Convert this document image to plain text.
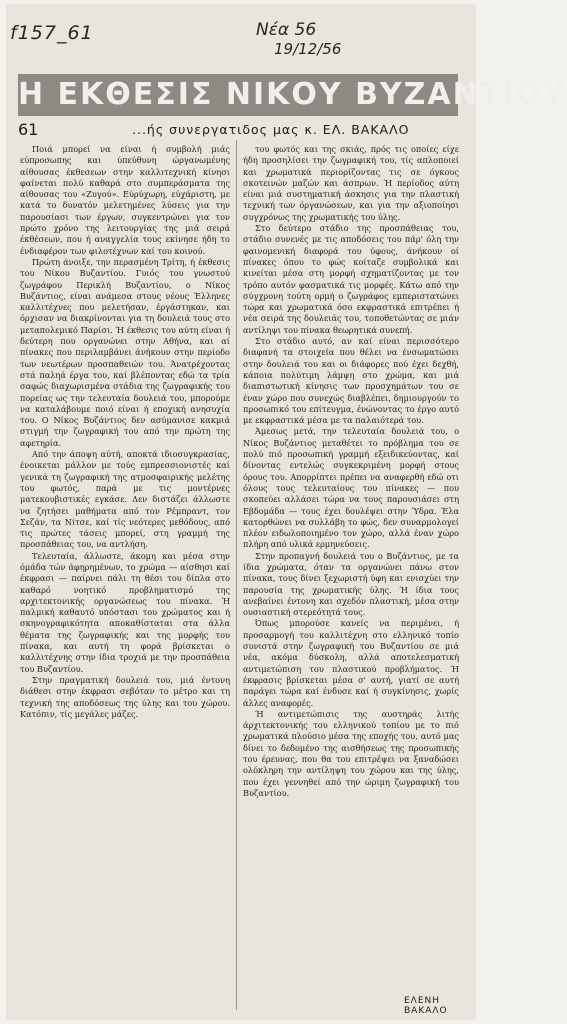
f157_61	Νέα 56
19/12/56
Η ΕΚΘΕΣΙΣ ΝΙΚΟΥ ΒΥΖΑΝΤΙΟΥ
61	...ής συνεργατιδος μας κ. ΕΛ. ΒΑΚΑΛΟ

Ποιά μπορεί να είναι ή συμβολή μιάς εύπροσωπης και ύπεύθυνη ώργανωμένης αίθουσας έκθεσεων στην καλλιτεχνική κίνησι φαίνεται πολύ καθαρά στο συμπεράσματα της αίθουσας του «Ζυγού». Εύρύχωρη, εύχάριστη, με κατά το δυνατόν μελετημένες λύσεις για την παρουσίασι των έργων, συγκεντρώνει για τον πρώτο χρόνο της λειτουργίας της μιά σειρά έκθέσεων, που ή αναγγελία τους εκίνησε ήδη το ένδιαφέρον των φιλοτέχνων καί του κοινού.

Πρώτη άνοιξε, την περασμένη Τρίτη, ή έκθεσις του Νίκου Βυζαντίου. Γυιός του γνωστού ζωγράφου Περικλή Βυζαντίου, ο Νίκος Βυζάντιος, είναι ανάμεσα στους νέους Έλληνες καλλιτέχνες που μελετήσαν, έργάστηκαν, και όρχισαν να διακρίνονται για τη δουλειά τους στο μεταπολεμικό Παρίσι. Ή έκθεσις του αύτη είναι ή δεύτερη που οργανώνει στην Αθήνα, και αί πίνακες που περιλαμβάνει άνήκουν στην περίοδο των νεωτέρων προσπαθειών του. Άνατρέχοντας στά παληά έργα του, καί βλέποντας εδώ τα τρία σαφώς διαχωρισμένα στάδια της ζωγραφικής του πορείας ως την τελευταία δουλειά του, μπορούμε να καταλάβουμε ποιό είναι ή εποχική ανησυχία του. Ο Νίκος Βυζάντιος δεν ασύμανισε κακμιά στιγμή την ζωγραφική του από την πρώτη της αφετηρία.

Από την άποψη αύτή, αποκτά ιδιοσυγκρασίας, ένοικεται μάλλον με τούς εμπρεσσιονιστές καί γενικά τη ζωγραφική της ατμοσφαιρικής μελέτης του φωτός, παρά με τις μοντέρνες ματεκουβιστικές εγκάσε. Δεν διστάζει άλλωστε να ζητήσει μαθήματα από τον Ρέμπραντ, τον Σεζάν, τα Νίτσε, καί τίς νεότερες μεθόδους, από τις πρώτες τάσεις μπορεί, στη γραμμή της προσπάθειας του, να αντλήση.

Τελευταία, άλλωστε, άκομη και μέσα στην όμάδα τών άφηρημένων, το χρώμα — αίσθησι καί έκφρασι — παίρνει πάλι τη θέσι του δίπλα στο καθαρό νοητικό προβληματισμό της αρχιτεκτονικής οργανώσεως του πίνακα. Ή παλμική καθαυτό υπόστασι του χρώματος και ή σκηνογραφικότητα αποκαθίσταται στα άλλα θέματα της ζωγραφικής και της μορφής του πίνακα, και αυτή τη φορά βρίσκεται ο καλλιτέχνης στην ίδια τροχιά με την προσπάθεια του Βυζαντίου.

Στην πραγματική δουλειά του, μιά έντονη διάθεσι στην έκφρασι σεβόταν το μέτρο και τη τεχνική της αποδόσεως της ύλης και του χώρου. Κατόπιν, τίς μεγάλες μάζες.

του φωτός και της σκιάς, πρός τις οποίες είχε ήδη προσηλίσει την ζωγραφική του, τίς απλοποιεί και χρωματικά περιορίζοντας τις σε όγκους σκοτεινών μαζών και άσπρων. Ή περίοδος αύτη είναι μιά συστηματική άσκησις για την πλαστική τεχνική των όργανώσεων, και για την αξιοποίησι συγχρόνως της χρωματικής του ύλης.

Στο δεύτερο στάδιο της προσπάθειας του, στάδιο συνενές με τις αποδόσεις του πάρ' όλη την φαινομενική διαφορά του ύφους, άνήκουν οί πίνακες όπου το φώς κοίταζε συμβολικά και κινείται μέσα στη μορφή σχηματίζοντας με τον τρόπο αυτόν φασματικά τις μορφές. Κάτω από την σύγχρονη τούτη ορμή ο ζωγράφος εμπεριστατώνει τώρα και χρωματικά όσο εκφραστικά επιτρέπει ή νέα σειρά της δουλειάς του, τοποθετώντας σε μιάν αντίληψι του πίνακα θεωρητικά συνεπή.

Στο στάδιο αυτό, αν καί είναι περισσότερο διαφανή τα στοιχεία που θέλει να ένσωματώσει στην δουλειά του και οι διάφορες πού έχει δεχθή, κάποια πολύτιμη λάμψη στο χρώμα, και μιά διαπιστωτική κίνησις των προσχημάτων του σε έναν χώρο που συνεχώς διαβλέπει, δημιουργούν το προσωπικό του επίτευγμα, ένώνοντας το έργο αυτό με εκφραστικά μέσα με τα παλαιότερά του.

Άμεσως μετά, την τελευταία δουλειά του, ο Νίκος Βυζάντιος μεταθέτει το πρόβλημα του σε πολύ πιό προσωπική γραμμή εξειδικεύοντας, καί δίνοντας εντελώς συγκεκριμένη μορφή στους όρους του. Απορρίπτει πρέπει να αναφερθή εδώ οτι όλους τους τελευταίους του πίνακες — που σκοπεύει αλλάσει τώρα να τους παρουσιάσει στη Εβδομάδα — τους έχει δουλέψει στην Ύδρα. Έλα κατορθώνει να συλλάβη το φώς, δεν συναρμολογεί πλέον ειδωλοποιημένο τον χώρο, αλλά έναν χώρο πλήρη από υλικά ερμηνεύσεις.

Στην προπαγνή δουλειά του ο Βυζάντιος, με τα ίδια χρώματα, όταν τα οργανώνει πάνω στον πίνακα, τους δίνει ξεχωριστή ύφη και ενισχύει την παρουσία της χρωματικής ύλης. Ή ίδια τους ανεβαίνει έντονη και σχεδόν πλαστική, μέσα στην ουσιαστική στερεότητά τους.

Όπως μπορούσε κανείς να περιμένει, ή προσαρμογή του καλλιτέχνη στο ελληνικό τοπίο συνιστά στην ζωγραφική του Βυζαντίου σε μιά νέα, ακόμα δύσκολη, αλλά αποτελεσματική αντιμετώπιση του πλαστικού προβλήματος. Ή έκφρασις βρίσκεται μέσα σ' αυτή, γιατί σε αυτή παράγει τώρα καί ένδυσε καί ή συγκίνησις, χωρίς άλλες αναφορές.

Ή αντιμετώπισις της αυστηράς λιτής άρχιτεκτονικής του ελληνικού τοπίου με το πιό χρωματικά πλούσιο μέσα της εποχής του, αυτό μας δίνει το δεδομένο της αισθήσεως της προσωπικής του έρευνας, που θα του επιτρέψει να ξαναδώσει ολόκληρη την αντίληψη του χώρου και της ύλης, που έχει γεννηθεί από την ώριμη ζωγραφική του Βυζαντίου.

ΕΛΕΝΗ ΒΑΚΑΛΟ
